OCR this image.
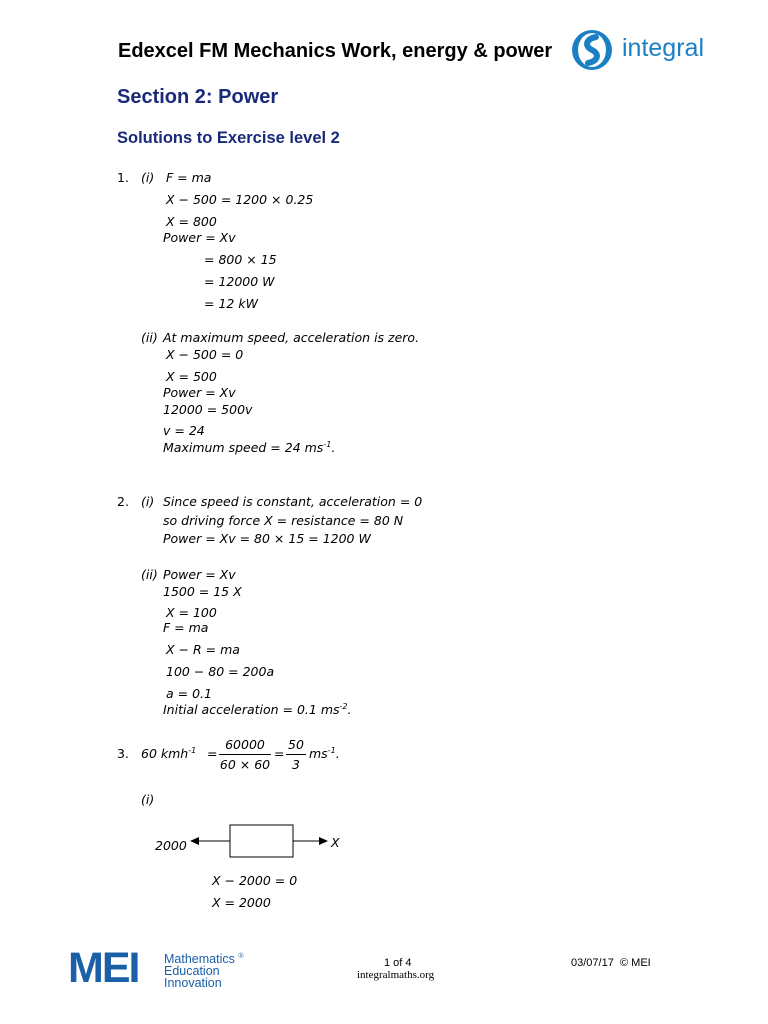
Edexcel FM Mechanics Work, energy & power	integral
Section 2: Power
Solutions to Exercise level 2
1. (i) F = ma
X − 500 = 1200 × 0.25
X = 800
Power = Xv
= 800 × 15
= 12000 W
= 12 kW
(ii) At maximum speed, acceleration is zero.
X − 500 = 0
X = 500
Power = Xv
12000 = 500v
v = 24
Maximum speed = 24 $ms^{-1}$.
2. (i) Since speed is constant, acceleration = 0
so driving force X = resistance = 80 N
Power = Xv = 80 × 15 = 1200 W
(ii) Power = Xv
1500 = 15 X
X = 100
F = ma
X − R = ma
100 − 80 = 200a
a = 0.1
Initial acceleration = 0.1 $ms^{-2}$.
3. 60 kmh$^{-1}$ =
60000
60 × 60
=
50
3
$ms^{-1}$.
(i)
2000	X
X − 2000 = 0
X = 2000
MEI Mathematics ®
Education
Innovation
1 of 4
integralmaths.org
03/07/17 © MEI
